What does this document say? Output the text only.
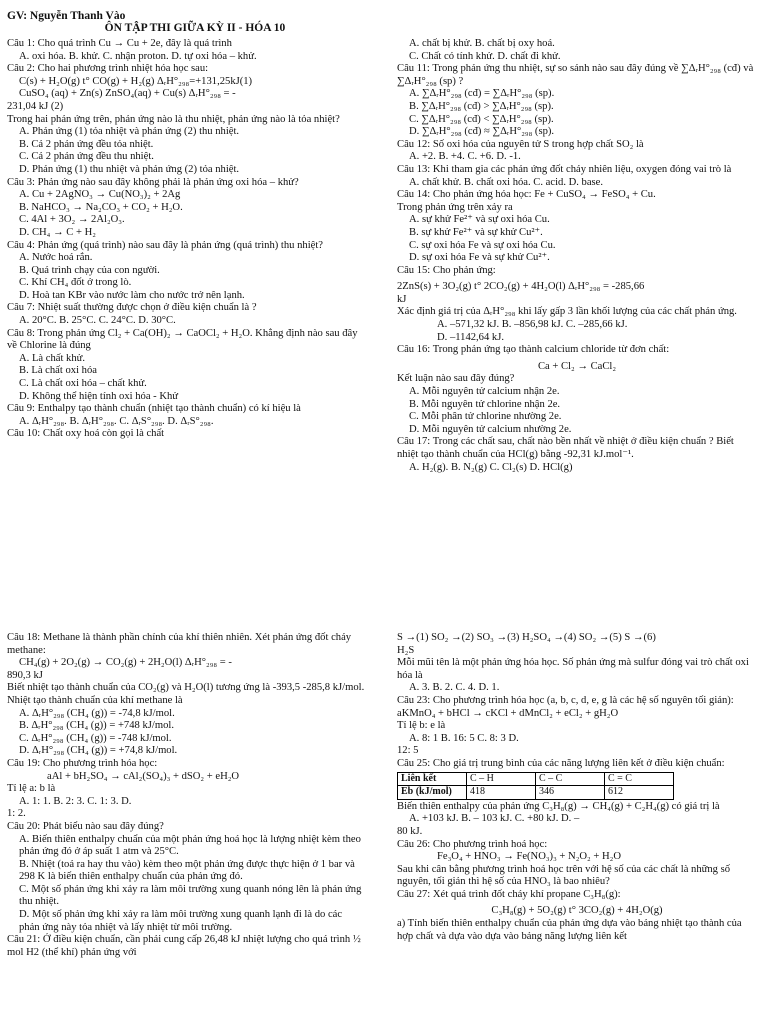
GV: Nguyễn Thanh Vào
ÔN TẬP THI GIỮA KỲ II - HÓA 10

Câu 1: Cho quá trình Cu → Cu + 2e, đây là quá trình

A. oxi hóa. B. khử. C. nhận proton. D. tự oxi hóa – khử.

Câu 2: Cho hai phương trình nhiệt hóa học sau:

C(s) + H₂O(g) t° CO(g) + H₂(g) ΔᵣH°₂₉₈=+131,25kJ(1)

CuSO₄ (aq) + Zn(s) ZnSO₄(aq) + Cu(s) ΔᵣH°₂₉₈ = -

231,04 kJ (2)

Trong hai phản ứng trên, phản ứng nào là thu nhiệt, phản ứng nào là tỏa nhiệt?

A. Phản ứng (1) tỏa nhiệt và phản ứng (2) thu nhiệt.

B. Cả 2 phản ứng đều tỏa nhiệt.

C. Cả 2 phản ứng đều thu nhiệt.

D. Phản ứng (1) thu nhiệt và phản ứng (2) tỏa nhiệt.

Câu 3: Phản ứng nào sau đây không phải là phản ứng oxi hóa – khử?

A. Cu + 2AgNO₃ → Cu(NO₃)₂ + 2Ag

B. NaHCO₃ → Na₂CO₃ + CO₂ + H₂O.

C. 4Al + 3O₂ → 2Al₂O₃.

D. CH₄ → C + H₂

Câu 4: Phản ứng (quá trình) nào sau đây là phản ứng (quá trình) thu nhiệt?

A. Nước hoá rắn.

B. Quá trình chạy của con người.

C. Khí CH₄ đốt ở trong lò.

D. Hoà tan KBr vào nước làm cho nước trở nên lạnh.

Câu 7: Nhiệt suất thường được chọn ở điều kiện chuẩn là ?

A. 20°C. B. 25°C. C. 24°C. D. 30°C.

Câu 8: Trong phản ứng Cl₂ + Ca(OH)₂ → CaOCl₂ + H₂O. Khẳng định nào sau đây về Chlorine là đúng

A. Là chất khử.

B. Là chất oxi hóa

C. Là chất oxi hóa – chất khử.

D. Không thể hiện tính oxi hóa - Khử

Câu 9: Enthalpy tạo thành chuẩn (nhiệt tạo thành chuẩn) có kí hiệu là

A. ΔᵣH°₂₉₈. B. ΔᵣH°₂₉₈. C. ΔᵣS°₂₉₈. D. ΔᵣS°₂₉₈.

Câu 10: Chất oxy hoá còn gọi là chất

A. chất bị khử. B. chất bị oxy hoá.

C. Chất có tính khử. D. chất đi khử.

Câu 11: Trong phản ứng thu nhiệt, sự so sánh nào sau đây đúng về ∑ΔᵣH°₂₉₈ (cđ) và ∑ΔᵣH°₂₉₈ (sp) ?

A. ∑ΔᵣH°₂₉₈ (cđ) = ∑ΔᵣH°₂₉₈ (sp).

B. ∑ΔᵣH°₂₉₈ (cđ) > ∑ΔᵣH°₂₉₈ (sp).

C. ∑ΔᵣH°₂₉₈ (cđ) < ∑ΔᵣH°₂₉₈ (sp).

D. ∑ΔᵣH°₂₉₈ (cđ) ≈ ∑ΔᵣH°₂₉₈ (sp).

Câu 12: Số oxi hóa của nguyên tử S trong hợp chất SO₂ là

A. +2. B. +4. C. +6. D. -1.

Câu 13: Khi tham gia các phản ứng đốt cháy nhiên liệu, oxygen đóng vai trò là

A. chất khử. B. chất oxi hóa. C. acid. D. base.

Câu 14: Cho phản ứng hóa học: Fe + CuSO₄ → FeSO₄ + Cu.

Trong phản ứng trên xảy ra

A. sự khử Fe²⁺ và sự oxi hóa Cu.

B. sự khử Fe²⁺ và sự khử Cu²⁺.

C. sự oxi hóa Fe và sự oxi hóa Cu.

D. sự oxi hóa Fe và sự khử Cu²⁺.

Câu 15: Cho phản ứng:

2ZnS(s) + 3O₂(g) t° 2CO₂(g) + 4H₂O(l) ΔᵣH°₂₉₈ = -285,66

kJ

Xác định giá trị của ΔᵣH°₂₉₈ khi lấy gấp 3 lần khối lượng của các chất phản ứng.

A. –571,32 kJ. B. –856,98 kJ. C. –285,66 kJ.

D. –1142,64 kJ.

Câu 16: Trong phản ứng tạo thành calcium chloride từ đơn chất:

Ca + Cl₂ → CaCl₂

Kết luận nào sau đây đúng?

A. Mỗi nguyên tử calcium nhận 2e.

B. Mỗi nguyên tử chlorine nhận 2e.

C. Mỗi phân tử chlorine nhường 2e.

D. Mỗi nguyên tử calcium nhường 2e.

Câu 17: Trong các chất sau, chất nào bền nhất về nhiệt ở điều kiện chuẩn ? Biết nhiệt tạo thành chuẩn của HCl(g) bằng -92,31 kJ.mol⁻¹.

A. H₂(g). B. N₂(g) C. Cl₂(s) D. HCl(g)

Câu 18: Methane là thành phần chính của khí thiên nhiên. Xét phản ứng đốt cháy methane:

CH₄(g) + 2O₂(g) → CO₂(g) + 2H₂O(l) ΔᵣH°₂₉₈ = -

890,3 kJ

Biết nhiệt tạo thành chuẩn của CO₂(g) và H₂O(l) tương ứng là -393,5 -285,8 kJ/mol. Nhiệt tạo thành chuẩn của khí methane là

A. ΔᵣH°₂₉₈ (CH₄ (g)) = -74,8 kJ/mol.

B. ΔᵣH°₂₉₈ (CH₄ (g)) = +748 kJ/mol.

C. ΔᵣH°₂₉₈ (CH₄ (g)) = -748 kJ/mol.

D. ΔᵣH°₂₉₈ (CH₄ (g)) = +74,8 kJ/mol.

Câu 19: Cho phương trình hóa học:

aAl + bH₂SO₄ → cAl₂(SO₄)₃ + dSO₂ + eH₂O

Tỉ lệ a: b là

A. 1: 1. B. 2: 3. C. 1: 3. D.

1: 2.

Câu 20: Phát biểu nào sau đây đúng?

A. Biến thiên enthalpy chuẩn của một phản ứng hoá học là lượng nhiệt kèm theo phản ứng đó ở áp suất 1 atm và 25°C.

B. Nhiệt (toả ra hay thu vào) kèm theo một phản ứng được thực hiện ở 1 bar và 298 K là biến thiên enthalpy chuẩn của phản ứng đó.

C. Một số phản ứng khi xảy ra làm môi trường xung quanh nóng lên là phản ứng thu nhiệt.

D. Một số phản ứng khi xảy ra làm môi trường xung quanh lạnh đi là do các phản ứng này tỏa nhiệt và lấy nhiệt từ môi trường.

Câu 21: Ở điều kiện chuẩn, cần phải cung cấp 26,48 kJ nhiệt lượng cho quá trình ½ mol H2 (thể khí) phản ứng với

S →(1) SO₂ →(2) SO₃ →(3) H₂SO₄ →(4) SO₂ →(5) S →(6)

H₂S

Mỗi mũi tên là một phản ứng hóa học. Số phản ứng mà sulfur đóng vai trò chất oxi hóa là

A. 3. B. 2. C. 4. D. 1.

Câu 23: Cho phương trình hóa học (a, b, c, d, e, g là các hệ số nguyên tối giản): aKMnO₄ + bHCl → cKCl + dMnCl₂ + eCl₂ + gH₂O

Tỉ lệ b: e là

A. 8: 1 B. 16: 5 C. 8: 3 D.

12: 5

Câu 25: Cho giá trị trung bình của các năng lượng liên kết ở điều kiện chuẩn:

Liên kết	C – H	C – C	C = C
Eb (kJ/mol)	418	346	612

Biến thiên enthalpy của phản ứng C₃H₈(g) → CH₄(g) + C₂H₄(g) có giá trị là

A. +103 kJ. B. – 103 kJ. C. +80 kJ. D. –

80 kJ.

Câu 26: Cho phương trình hoá học:

Fe₃O₄ + HNO₃ → Fe(NO₃)₃ + N₂O₂ + H₂O

Sau khi cân bằng phương trình hoá học trên với hệ số của các chất là những số nguyên, tối giản thì hệ số của HNO₃ là bao nhiêu?

Câu 27: Xét quá trình đốt cháy khí propane C₃H₈(g):

C₃H₈(g) + 5O₂(g) t° 3CO₂(g) + 4H₂O(g)

a) Tính biến thiên enthalpy chuẩn của phản ứng dựa vào bảng nhiệt tạo thành của hợp chất và dựa vào dựa vào bảng năng lượng liên kết
